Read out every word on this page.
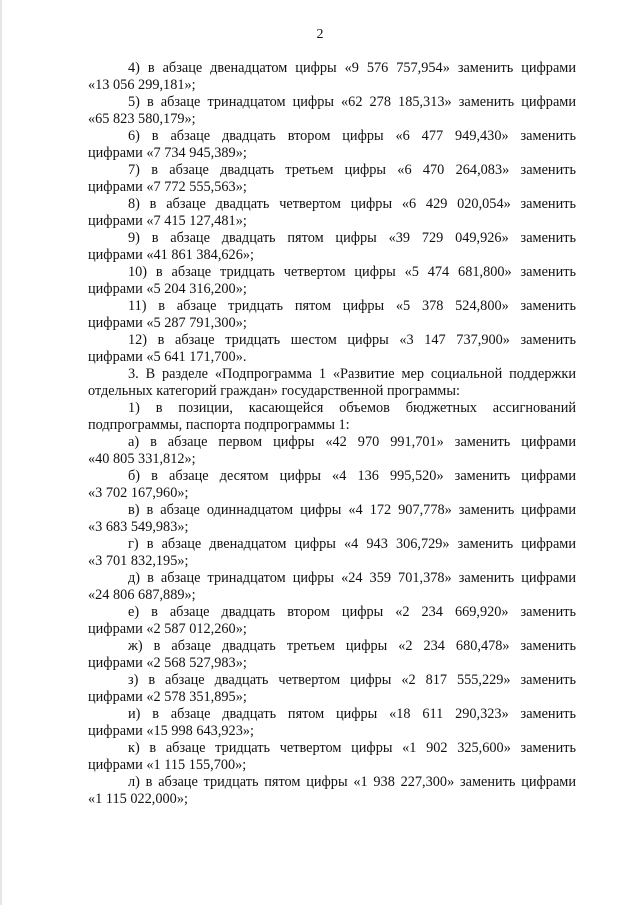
2
4) в абзаце двенадцатом цифры «9 576 757,954» заменить цифрами
«13 056 299,181»;
5) в абзаце тринадцатом цифры «62 278 185,313» заменить цифрами
«65 823 580,179»;
6) в абзаце двадцать втором цифры «6 477 949,430» заменить
цифрами «7 734 945,389»;
7) в абзаце двадцать третьем цифры «6 470 264,083» заменить
цифрами «7 772 555,563»;
8) в абзаце двадцать четвертом цифры «6 429 020,054» заменить
цифрами «7 415 127,481»;
9) в абзаце двадцать пятом цифры «39 729 049,926» заменить
цифрами «41 861 384,626»;
10) в абзаце тридцать четвертом цифры «5 474 681,800» заменить
цифрами «5 204 316,200»;
11) в абзаце тридцать пятом цифры «5 378 524,800» заменить
цифрами «5 287 791,300»;
12) в абзаце тридцать шестом цифры «3 147 737,900» заменить
цифрами «5 641 171,700».
3. В разделе «Подпрограмма 1 «Развитие мер социальной поддержки
отдельных категорий граждан» государственной программы:
1) в позиции, касающейся объемов бюджетных ассигнований
подпрограммы, паспорта подпрограммы 1:
а) в абзаце первом цифры «42 970 991,701» заменить цифрами
«40 805 331,812»;
б) в абзаце десятом цифры «4 136 995,520» заменить цифрами
«3 702 167,960»;
в) в абзаце одиннадцатом цифры «4 172 907,778» заменить цифрами
«3 683 549,983»;
г) в абзаце двенадцатом цифры «4 943 306,729» заменить цифрами
«3 701 832,195»;
д) в абзаце тринадцатом цифры «24 359 701,378» заменить цифрами
«24 806 687,889»;
е) в абзаце двадцать втором цифры «2 234 669,920» заменить
цифрами «2 587 012,260»;
ж) в абзаце двадцать третьем цифры «2 234 680,478» заменить
цифрами «2 568 527,983»;
з) в абзаце двадцать четвертом цифры «2 817 555,229» заменить
цифрами «2 578 351,895»;
и) в абзаце двадцать пятом цифры «18 611 290,323» заменить
цифрами «15 998 643,923»;
к) в абзаце тридцать четвертом цифры «1 902 325,600» заменить
цифрами «1 115 155,700»;
л) в абзаце тридцать пятом цифры «1 938 227,300» заменить цифрами
«1 115 022,000»;
